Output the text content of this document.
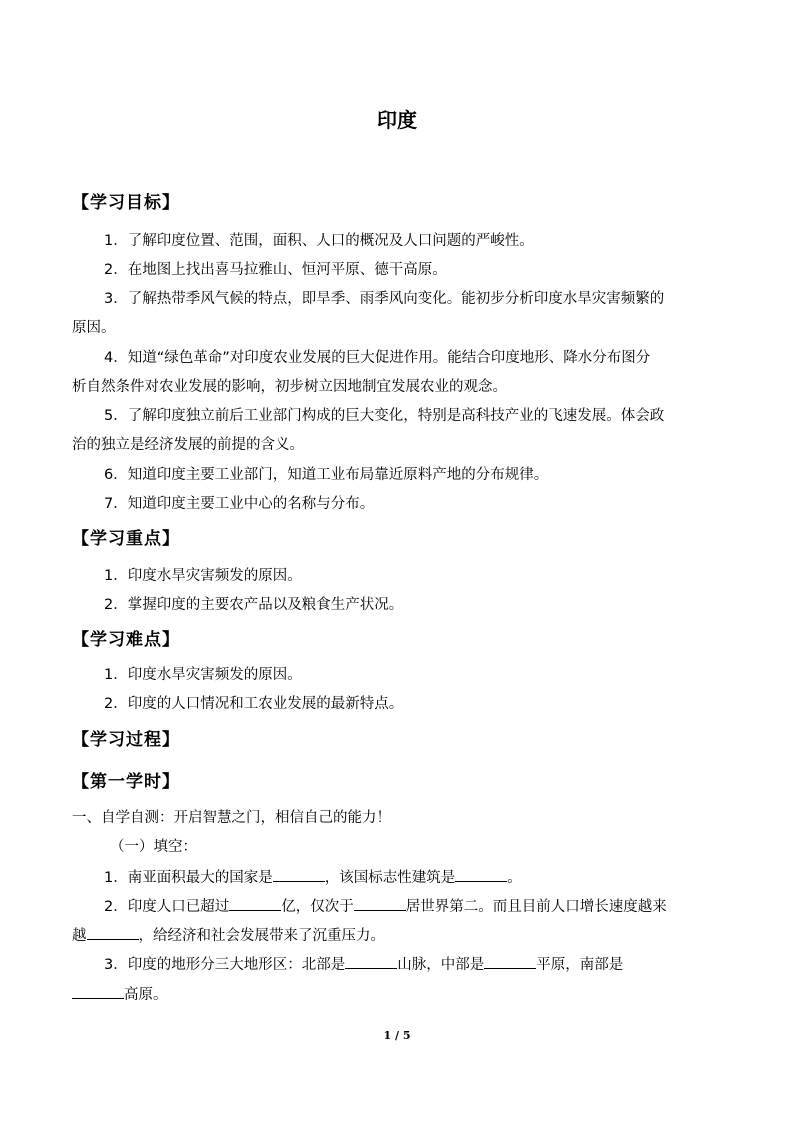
印度
【学习目标】
1．了解印度位置、范围，面积、人口的概况及人口问题的严峻性。
2．在地图上找出喜马拉雅山、恒河平原、德干高原。
3．了解热带季风气候的特点，即旱季、雨季风向变化。能初步分析印度水旱灾害频繁的
原因。
4．知道“绿色革命”对印度农业发展的巨大促进作用。能结合印度地形、降水分布图分
析自然条件对农业发展的影响，初步树立因地制宜发展农业的观念。
5．了解印度独立前后工业部门构成的巨大变化，特别是高科技产业的飞速发展。体会政
治的独立是经济发展的前提的含义。
6．知道印度主要工业部门，知道工业布局靠近原料产地的分布规律。
7．知道印度主要工业中心的名称与分布。
【学习重点】
1．印度水旱灾害频发的原因。
2．掌握印度的主要农产品以及粮食生产状况。
【学习难点】
1．印度水旱灾害频发的原因。
2．印度的人口情况和工农业发展的最新特点。
【学习过程】
【第一学时】
一、自学自测：开启智慧之门，相信自己的能力！
（一）填空：
1．南亚面积最大的国家是	，该国标志性建筑是	。
2．印度人口已超过	亿，仅次于	居世界第二。而且目前人口增长速度越来
越	，给经济和社会发展带来了沉重压力。
3．印度的地形分三大地形区：北部是	山脉，中部是	平原，南部是
高原。
1 / 5
